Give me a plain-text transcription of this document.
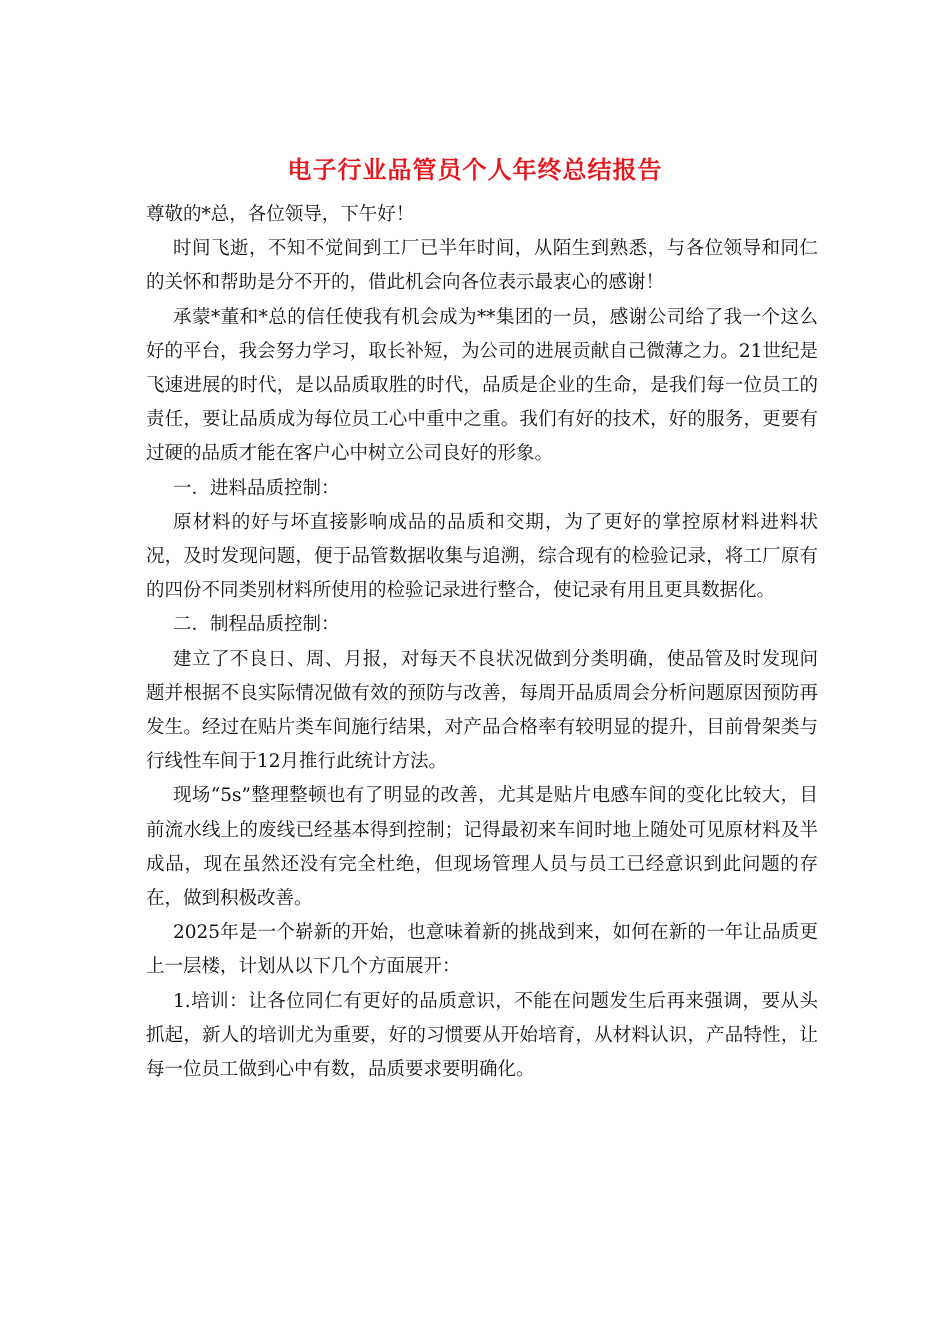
电子行业品管员个人年终总结报告

尊敬的*总，各位领导，下午好！

时间飞逝，不知不觉间到工厂已半年时间，从陌生到熟悉，与各位领导和同仁的关怀和帮助是分不开的，借此机会向各位表示最衷心的感谢！

承蒙*董和*总的信任使我有机会成为**集团的一员，感谢公司给了我一个这么好的平台，我会努力学习，取长补短，为公司的进展贡献自己微薄之力。21世纪是飞速进展的时代，是以品质取胜的时代，品质是企业的生命，是我们每一位员工的责任，要让品质成为每位员工心中重中之重。我们有好的技术，好的服务，更要有过硬的品质才能在客户心中树立公司良好的形象。

一．进料品质控制：

原材料的好与坏直接影响成品的品质和交期，为了更好的掌控原材料进料状况，及时发现问题，便于品管数据收集与追溯，综合现有的检验记录，将工厂原有的四份不同类别材料所使用的检验记录进行整合，使记录有用且更具数据化。

二．制程品质控制：

建立了不良日、周、月报，对每天不良状况做到分类明确，使品管及时发现问题并根据不良实际情况做有效的预防与改善，每周开品质周会分析问题原因预防再发生。经过在贴片类车间施行结果，对产品合格率有较明显的提升，目前骨架类与行线性车间于12月推行此统计方法。

现场“5s”整理整顿也有了明显的改善，尤其是贴片电感车间的变化比较大，目前流水线上的废线已经基本得到控制；记得最初来车间时地上随处可见原材料及半成品，现在虽然还没有完全杜绝，但现场管理人员与员工已经意识到此问题的存在，做到积极改善。

2025年是一个崭新的开始，也意味着新的挑战到来，如何在新的一年让品质更上一层楼，计划从以下几个方面展开：

1.培训：让各位同仁有更好的品质意识，不能在问题发生后再来强调，要从头抓起，新人的培训尤为重要，好的习惯要从开始培育，从材料认识，产品特性，让每一位员工做到心中有数，品质要求要明确化。
